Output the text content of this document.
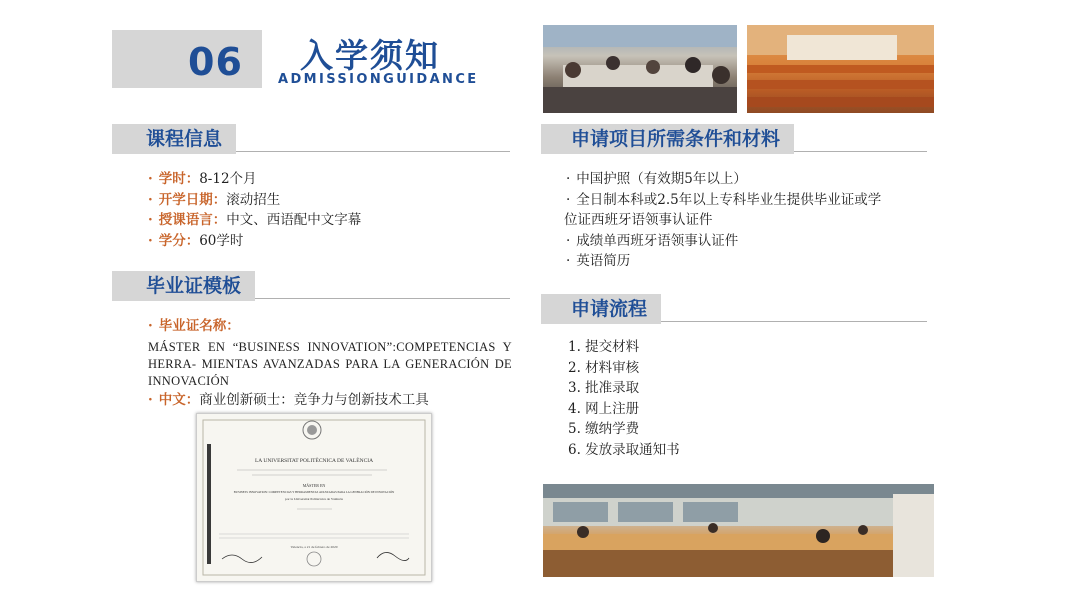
06 入学须知
ADMISSIONGUIDANCE
课程信息
· 学时：8-12个月
· 开学日期：滚动招生
· 授课语言：中文、西语配中文字幕
· 学分：60学时
毕业证模板
· 毕业证名称：
MÁSTER EN “BUSINESS INNOVATION”:COMPETENCIAS Y HERRA- MIENTAS AVANZADAS PARA LA GENERACIÓN DE INNOVACIÓN
· 中文：商业创新硕士：竞争力与创新技术工具
LA UNIVERSITAT POLITÈCNICA DE VALÈNCIA
MÁSTER EN
BUSINESS INNOVATION: COMPETENCIAS Y HERRAMIENTAS AVANZADAS PARA LA GENERACIÓN DE INNOVACIÓN
por la Universitat Politècnica de València
Valencia, a 21 de febrero de 2020
申请项目所需条件和材料
· 中国护照（有效期5年以上）
· 全日制本科或2.5年以上专科毕业生提供毕业证或学
位证西班牙语领事认证件
· 成绩单西班牙语领事认证件
· 英语简历
申请流程
1. 提交材料
2. 材料审核
3. 批准录取
4. 网上注册
5. 缴纳学费
6. 发放录取通知书
